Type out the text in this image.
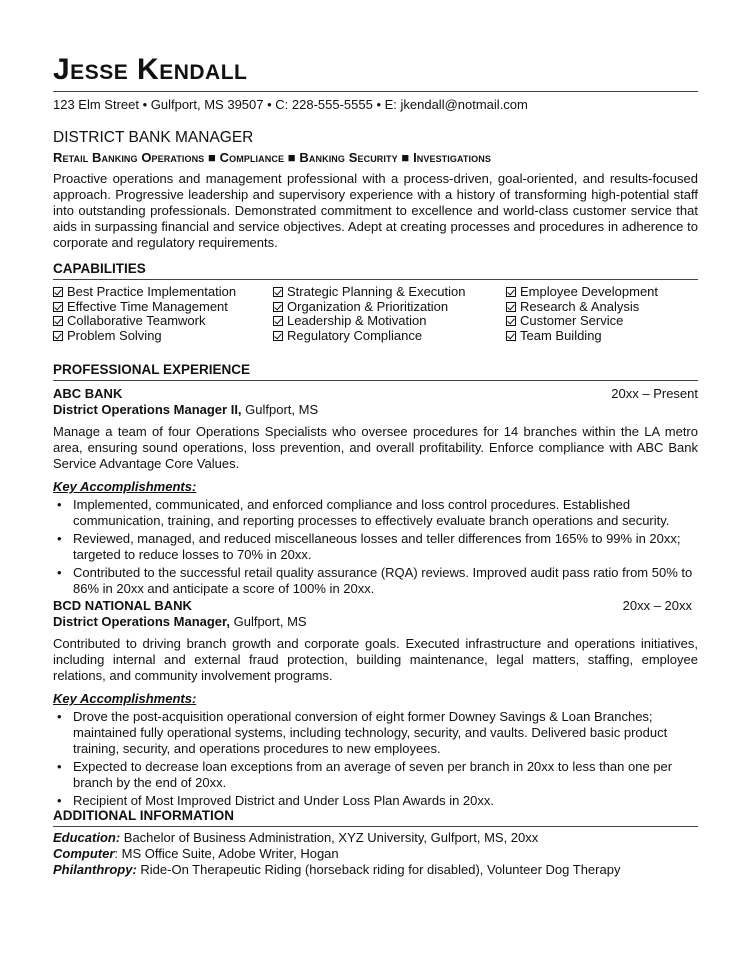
Jesse Kendall
123 Elm Street • Gulfport, MS 39507 • C: 228-555-5555 • E: jkendall@notmail.com
DISTRICT BANK MANAGER
Retail Banking Operations ■ Compliance ■ Banking Security ■ Investigations
Proactive operations and management professional with a process-driven, goal-oriented, and results-focused approach. Progressive leadership and supervisory experience with a history of transforming high-potential staff into outstanding professionals. Demonstrated commitment to excellence and world-class customer service that aids in surpassing financial and service objectives. Adept at creating processes and procedures in adherence to corporate and regulatory requirements.
CAPABILITIES
Best Practice Implementation
Effective Time Management
Collaborative Teamwork
Problem Solving
Strategic Planning & Execution
Organization & Prioritization
Leadership & Motivation
Regulatory Compliance
Employee Development
Research & Analysis
Customer Service
Team Building
PROFESSIONAL EXPERIENCE
ABC BANK	20xx – Present
District Operations Manager II, Gulfport, MS
Manage a team of four Operations Specialists who oversee procedures for 14 branches within the LA metro area, ensuring sound operations, loss prevention, and overall profitability. Enforce compliance with ABC Bank Service Advantage Core Values.
Key Accomplishments:
• Implemented, communicated, and enforced compliance and loss control procedures. Established communication, training, and reporting processes to effectively evaluate branch operations and security.
• Reviewed, managed, and reduced miscellaneous losses and teller differences from 165% to 99% in 20xx; targeted to reduce losses to 70% in 20xx.
• Contributed to the successful retail quality assurance (RQA) reviews. Improved audit pass ratio from 50% to 86% in 20xx and anticipate a score of 100% in 20xx.
BCD NATIONAL BANK	20xx – 20xx
District Operations Manager, Gulfport, MS
Contributed to driving branch growth and corporate goals. Executed infrastructure and operations initiatives, including internal and external fraud protection, building maintenance, legal matters, staffing, employee relations, and community involvement programs.
Key Accomplishments:
• Drove the post-acquisition operational conversion of eight former Downey Savings & Loan Branches; maintained fully operational systems, including technology, security, and vaults. Delivered basic product training, security, and operations procedures to new employees.
• Expected to decrease loan exceptions from an average of seven per branch in 20xx to less than one per branch by the end of 20xx.
• Recipient of Most Improved District and Under Loss Plan Awards in 20xx.
ADDITIONAL INFORMATION
Education: Bachelor of Business Administration, XYZ University, Gulfport, MS, 20xx
Computer: MS Office Suite, Adobe Writer, Hogan
Philanthropy: Ride-On Therapeutic Riding (horseback riding for disabled), Volunteer Dog Therapy
